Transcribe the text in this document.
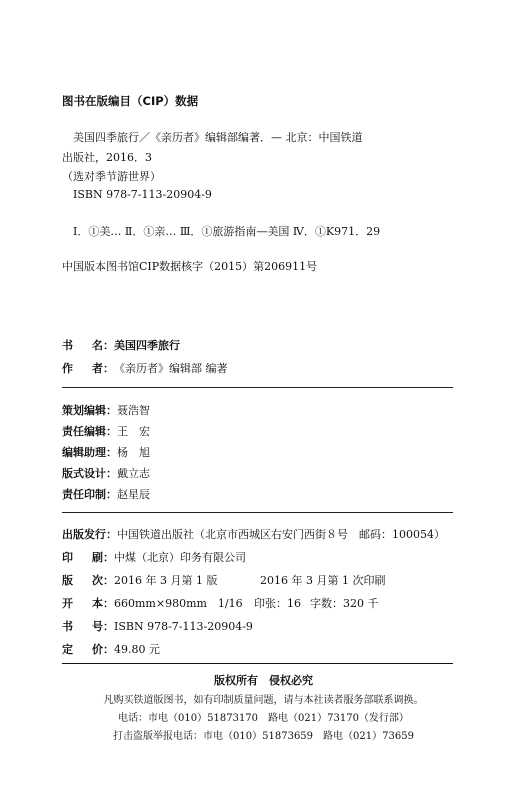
图书在版编目（CIP）数据
美国四季旅行／《亲历者》编辑部编著．— 北京：中国铁道
出版社，2016．3
（选对季节游世界）
ISBN 978-7-113-20904-9
Ⅰ．①美… Ⅱ．①亲… Ⅲ．①旅游指南—美国 Ⅳ．①K971．29
中国版本图书馆CIP数据核字（2015）第206911号
书	名： 美国四季旅行
作	者： 《亲历者》编辑部 编著
策划编辑： 聂浩智
责任编辑： 王　宏
编辑助理： 杨　旭
版式设计： 戴立志
责任印制： 赵星辰
出版发行： 中国铁道出版社（北京市西城区右安门西街８号　邮码：100054）
印	刷： 中煤（北京）印务有限公司
版	次： 2016 年 3 月第 1 版	2016 年 3 月第 1 次印刷
开	本： 660mm×980mm　1/16	印张：16 字数：320 千
书	号： ISBN 978-7-113-20904-9
定	价： 49.80 元
版权所有　侵权必究
凡购买铁道版图书，如有印制质量问题，请与本社读者服务部联系调换。
电话：市电（010）51873170　路电（021）73170（发行部）
打击盗版举报电话：市电（010）51873659　路电（021）73659
